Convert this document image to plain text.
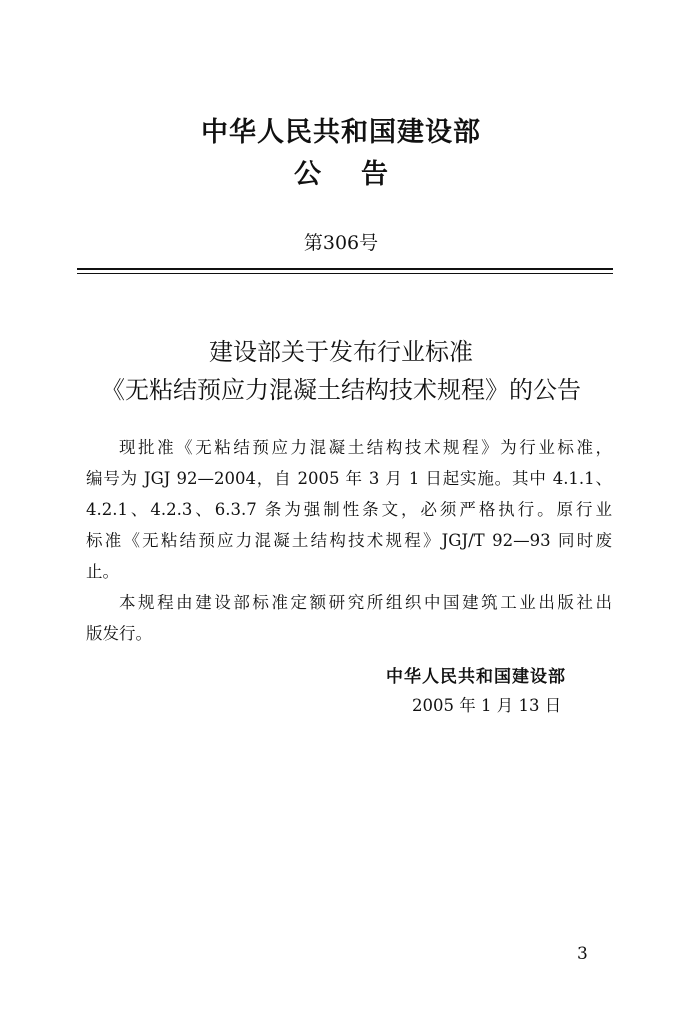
中华人民共和国建设部
公告
第306号
建设部关于发布行业标准
《无粘结预应力混凝土结构技术规程》的公告
现批准《无粘结预应力混凝土结构技术规程》为行业标准，
编号为 JGJ 92—2004，自 2005 年 3 月 1 日起实施。其中 4.1.1、
4.2.1、4.2.3、6.3.7 条为强制性条文，必须严格执行。原行业
标准《无粘结预应力混凝土结构技术规程》JGJ/T 92—93 同时废
止。
本规程由建设部标准定额研究所组织中国建筑工业出版社出
版发行。
中华人民共和国建设部
2005 年 1 月 13 日
3
